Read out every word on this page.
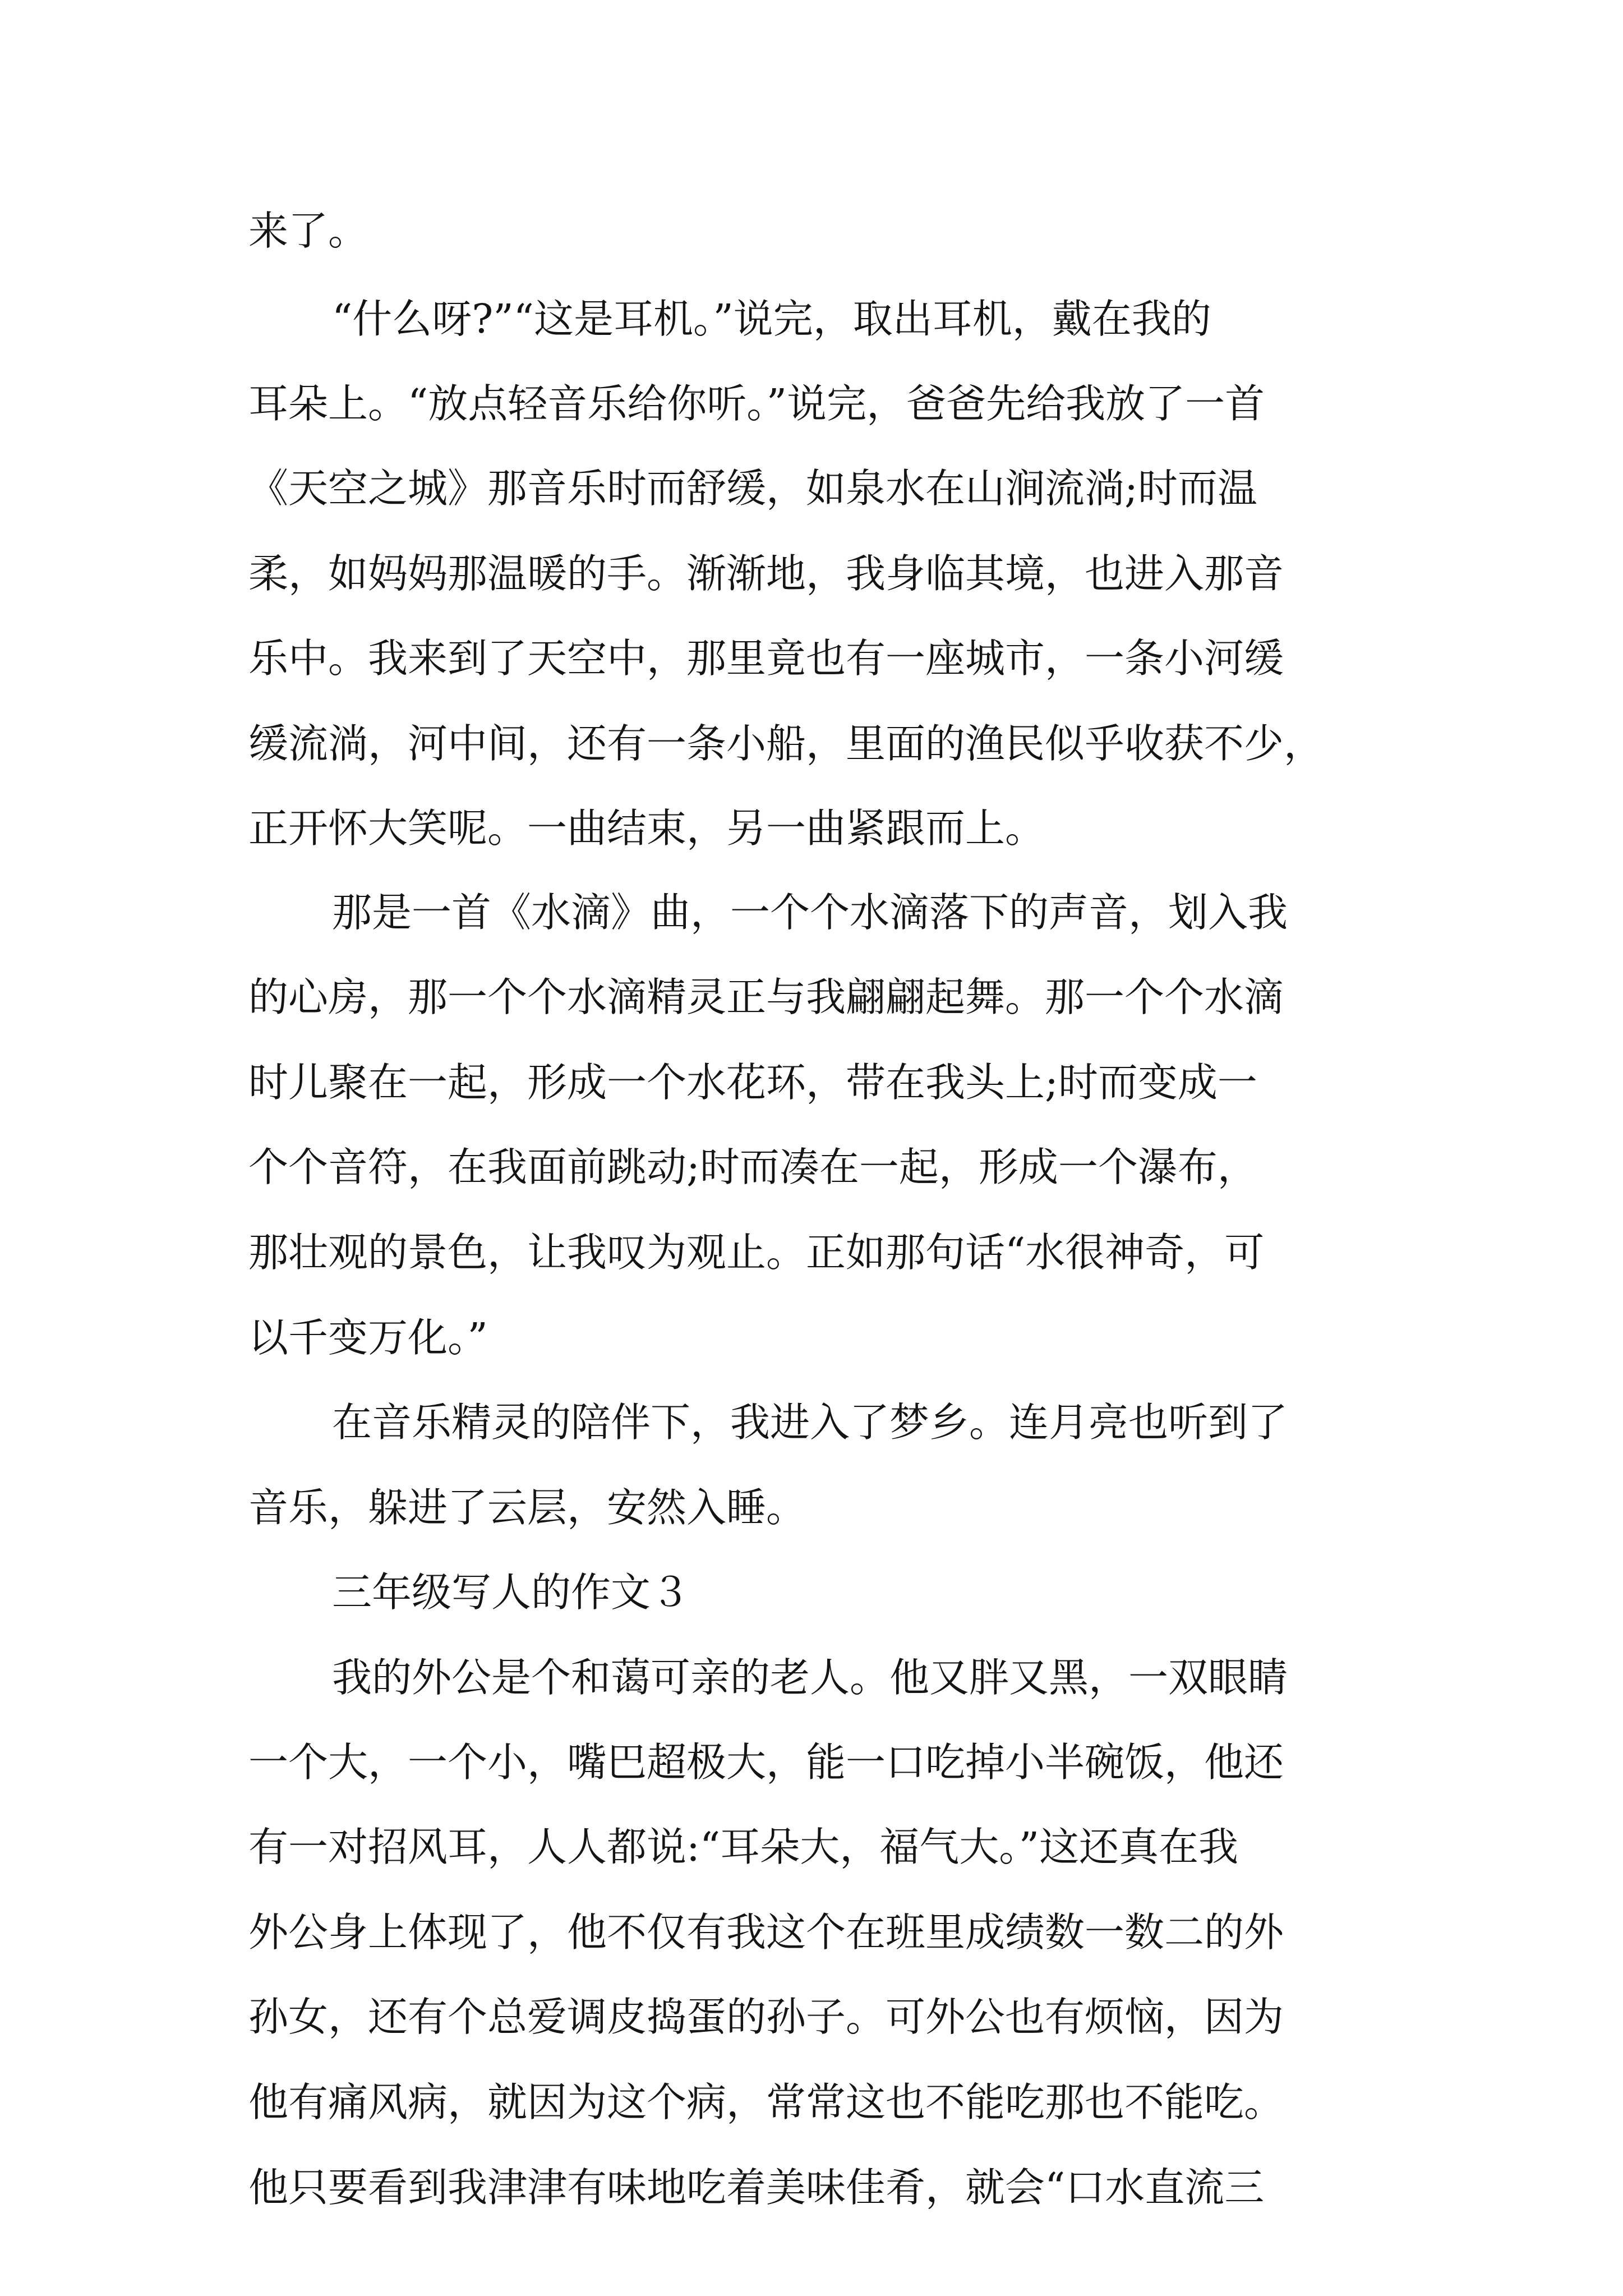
来了。

“什么呀?”“这是耳机。”说完，取出耳机，戴在我的

耳朵上。“放点轻音乐给你听。”说完，爸爸先给我放了一首

《天空之城》那音乐时而舒缓，如泉水在山涧流淌;时而温

柔，如妈妈那温暖的手。渐渐地，我身临其境，也进入那音

乐中。我来到了天空中，那里竟也有一座城市，一条小河缓

缓流淌，河中间，还有一条小船，里面的渔民似乎收获不少，

正开怀大笑呢。一曲结束，另一曲紧跟而上。

那是一首《水滴》曲，一个个水滴落下的声音，划入我

的心房，那一个个水滴精灵正与我翩翩起舞。那一个个水滴

时儿聚在一起，形成一个水花环，带在我头上;时而变成一

个个音符，在我面前跳动;时而凑在一起，形成一个瀑布，

那壮观的景色，让我叹为观止。正如那句话“水很神奇，可

以千变万化。”

在音乐精灵的陪伴下，我进入了梦乡。连月亮也听到了

音乐，躲进了云层，安然入睡。

三年级写人的作文３

我的外公是个和蔼可亲的老人。他又胖又黑，一双眼睛

一个大，一个小，嘴巴超极大，能一口吃掉小半碗饭，他还

有一对招风耳，人人都说:“耳朵大，福气大。”这还真在我

外公身上体现了，他不仅有我这个在班里成绩数一数二的外

孙女，还有个总爱调皮捣蛋的孙子。可外公也有烦恼，因为

他有痛风病，就因为这个病，常常这也不能吃那也不能吃。

他只要看到我津津有味地吃着美味佳肴，就会“口水直流三
